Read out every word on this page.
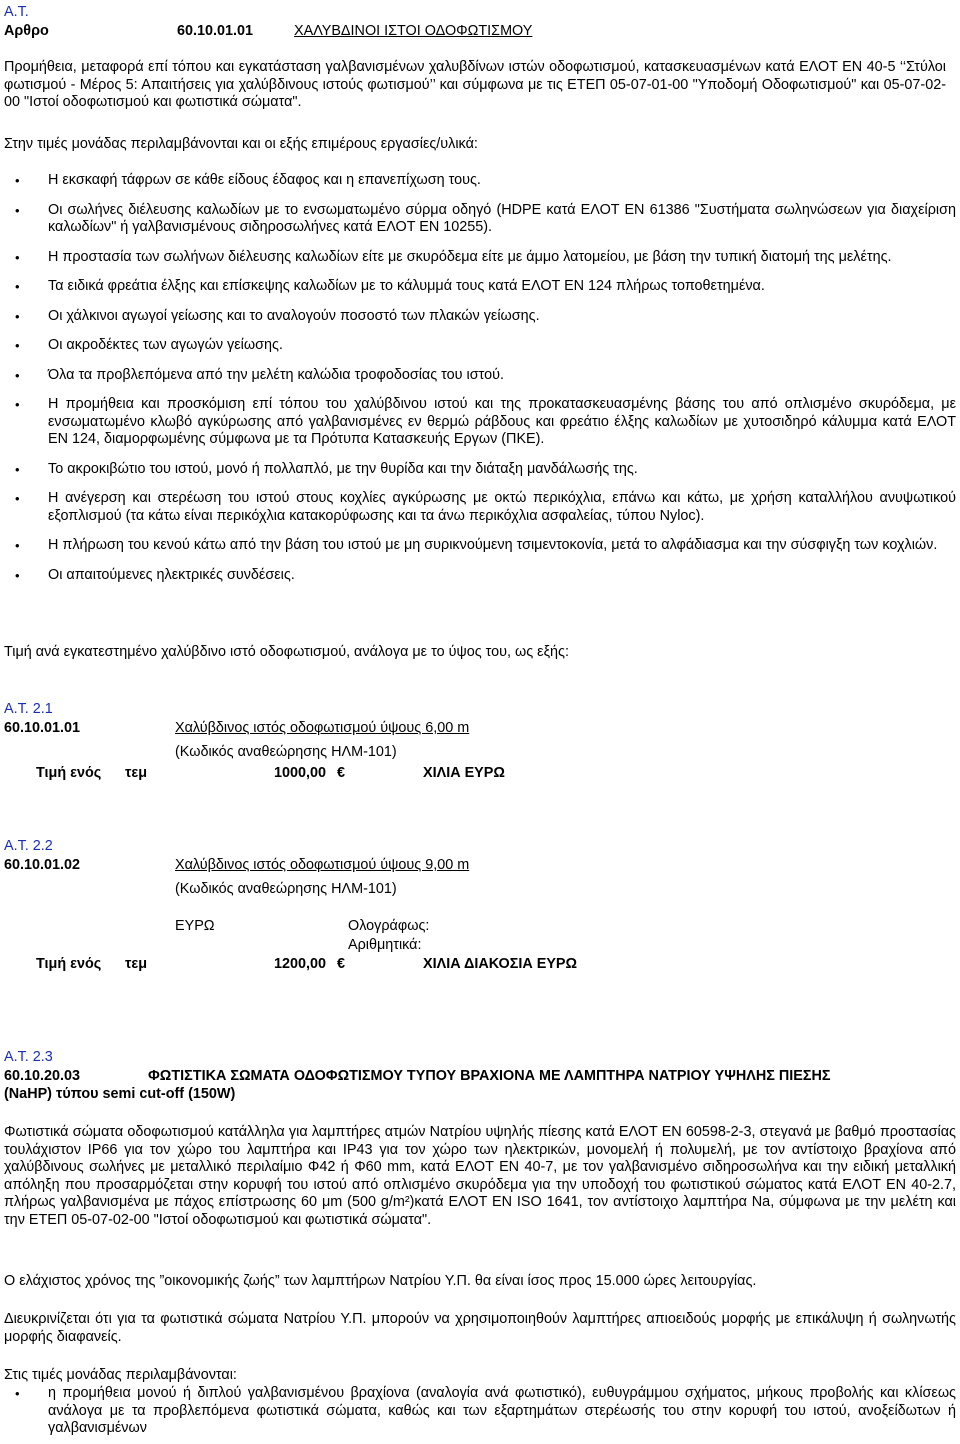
Α.Τ.
Αρθρο	60.10.01.01	ΧΑΛΥΒΔΙΝΟΙ ΙΣΤΟΙ ΟΔΟΦΩΤΙΣΜΟΥ

Προμήθεια, μεταφορά επί τόπου και εγκατάσταση γαλβανισμένων χαλυβδίνων ιστών οδοφωτισμού, κατασκευασμένων κατά ΕΛΟΤ ΕΝ 40-5 ‘‘Στύλοι φωτισμού - Μέρος 5: Απαιτήσεις για χαλύβδινους ιστούς φωτισμού’’ και σύμφωνα με τις ΕΤΕΠ 05-07-01-00 "Υποδομή Οδοφωτισμού" και 05-07-02-00 "Ιστοί οδοφωτισμού και φωτιστικά σώματα".

Στην τιμές μονάδας περιλαμβάνονται και οι εξής επιμέρους εργασίες/υλικά:

• Η εκσκαφή τάφρων σε κάθε είδους έδαφος και η επανεπίχωση τους.
• Οι σωλήνες διέλευσης καλωδίων με το ενσωματωμένο σύρμα οδηγό (HDPE κατά ΕΛΟΤ ΕΝ 61386 "Συστήματα σωληνώσεων για διαχείριση καλωδίων" ή γαλβανισμένους σιδηροσωλήνες κατά ΕΛΟΤ ΕΝ 10255).
• Η προστασία των σωλήνων διέλευσης καλωδίων είτε με σκυρόδεμα είτε με άμμο λατομείου, με βάση την τυπική διατομή της μελέτης.
• Τα ειδικά φρεάτια έλξης και επίσκεψης καλωδίων με το κάλυμμά τους κατά ΕΛΟΤ ΕΝ 124 πλήρως τοποθετημένα.
• Οι χάλκινοι αγωγοί γείωσης και το αναλογούν ποσοστό των πλακών γείωσης.
• Οι ακροδέκτες των αγωγών γείωσης.
• Όλα τα προβλεπόμενα από την μελέτη καλώδια τροφοδοσίας του ιστού.
• Η προμήθεια και προσκόμιση επί τόπου του χαλύβδινου ιστού και της προκατασκευασμένης βάσης του από οπλισμένο σκυρόδεμα, με ενσωματωμένο κλωβό αγκύρωσης από γαλβανισμένες εν θερμώ ράβδους και φρεάτιο έλξης καλωδίων με χυτοσιδηρό κάλυμμα κατά ΕΛΟΤ ΕΝ 124, διαμορφωμένης σύμφωνα με τα Πρότυπα Κατασκευής Εργων (ΠΚΕ).
• Το ακροκιβώτιο του ιστού, μονό ή πολλαπλό, με την θυρίδα και την διάταξη μανδάλωσής της.
• Η ανέγερση και στερέωση του ιστού στους κοχλίες αγκύρωσης με οκτώ περικόχλια, επάνω και κάτω, με χρήση καταλλήλου ανυψωτικού εξοπλισμού (τα κάτω είναι περικόχλια κατακορύφωσης και τα άνω περικόχλια ασφαλείας, τύπου Nyloc).
• Η πλήρωση του κενού κάτω από την βάση του ιστού με μη συρικνούμενη τσιμεντοκονία, μετά το αλφάδιασμα και την σύσφιγξη των κοχλιών.
• Οι απαιτούμενες ηλεκτρικές συνδέσεις.

Τιμή ανά εγκατεστημένο χαλύβδινο ιστό οδοφωτισμού, ανάλογα με το ύψος του, ως εξής:

Α.Τ. 2.1
60.10.01.01	Χαλύβδινος ιστός οδοφωτισμού ύψους 6,00 m
(Κωδικός αναθεώρησης ΗΛΜ-101)
Τιμή ενός τεμ	1000,00 €	ΧΙΛΙΑ ΕΥΡΩ
Α.Τ. 2.2
60.10.01.02	Χαλύβδινος ιστός οδοφωτισμού ύψους 9,00 m
(Κωδικός αναθεώρησης ΗΛΜ-101)
ΕΥΡΩ	Ολογράφως:
Αριθμητικά:
Τιμή ενός τεμ	1200,00 €	ΧΙΛΙΑ ΔΙΑΚΟΣΙΑ ΕΥΡΩ
Α.Τ. 2.3
60.10.20.03	ΦΩΤΙΣΤΙΚΑ ΣΩΜΑΤΑ ΟΔΟΦΩΤΙΣΜΟΥ ΤΥΠΟΥ ΒΡΑΧΙΟΝΑ ΜΕ ΛΑΜΠΤΗΡΑ ΝΑΤΡΙΟΥ ΥΨΗΛΗΣ ΠΙΕΣΗΣ
(NaHP) τύπου semi cut-off (150W)

Φωτιστικά σώματα οδοφωτισμού κατάλληλα για λαμπτήρες ατμών Νατρίου υψηλής πίεσης κατά ΕΛΟΤ ΕΝ 60598-2-3, στεγανά με βαθμό προστασίας τουλάχιστον IP66 για τον χώρο του λαμπτήρα και IP43 για τον χώρο των ηλεκτρικών, μονομελή ή πολυμελή, με τον αντίστοιχο βραχίονα από χαλύβδινους σωλήνες με μεταλλικό περιλαίμιο Φ42 ή Φ60 mm, κατά ΕΛΟΤ ΕΝ 40-7, με τον γαλβανισμένο σιδηροσωλήνα και την ειδική μεταλλική απόληξη που προσαρμόζεται στην κορυφή του ιστού από οπλισμένο σκυρόδεμα για την υποδοχή του φωτιστικού σώματος κατά ΕΛΟΤ ΕΝ 40-2.7, πλήρως γαλβανισμένα με πάχος επίστρωσης 60 μm (500 g/m²)κατά ΕΛΟΤ ΕΝ ISO 1641, τον αντίστοιχο λαμπτήρα Na, σύμφωνα με την μελέτη και την ΕΤΕΠ 05-07-02-00 "Ιστοί οδοφωτισμού και φωτιστικά σώματα".

Ο ελάχιστος χρόνος της ”οικονομικής ζωής” των λαμπτήρων Νατρίου Υ.Π. θα είναι ίσος προς 15.000 ώρες λειτουργίας.

Διευκρινίζεται ότι για τα φωτιστικά σώματα Νατρίου Υ.Π. μπορούν να χρησιμοποιηθούν λαμπτήρες απιοειδούς μορφής με επικάλυψη ή σωληνωτής μορφής διαφανείς.

Στις τιμές μονάδας περιλαμβάνονται:

• η προμήθεια μονού ή διπλού γαλβανισμένου βραχίονα (αναλογία ανά φωτιστικό), ευθυγράμμου σχήματος, μήκους προβολής και κλίσεως ανάλογα με τα προβλεπόμενα φωτιστικά σώματα, καθώς και των εξαρτημάτων στερέωσής του στην κορυφή του ιστού, ανοξείδωτων ή γαλβανισμένων
